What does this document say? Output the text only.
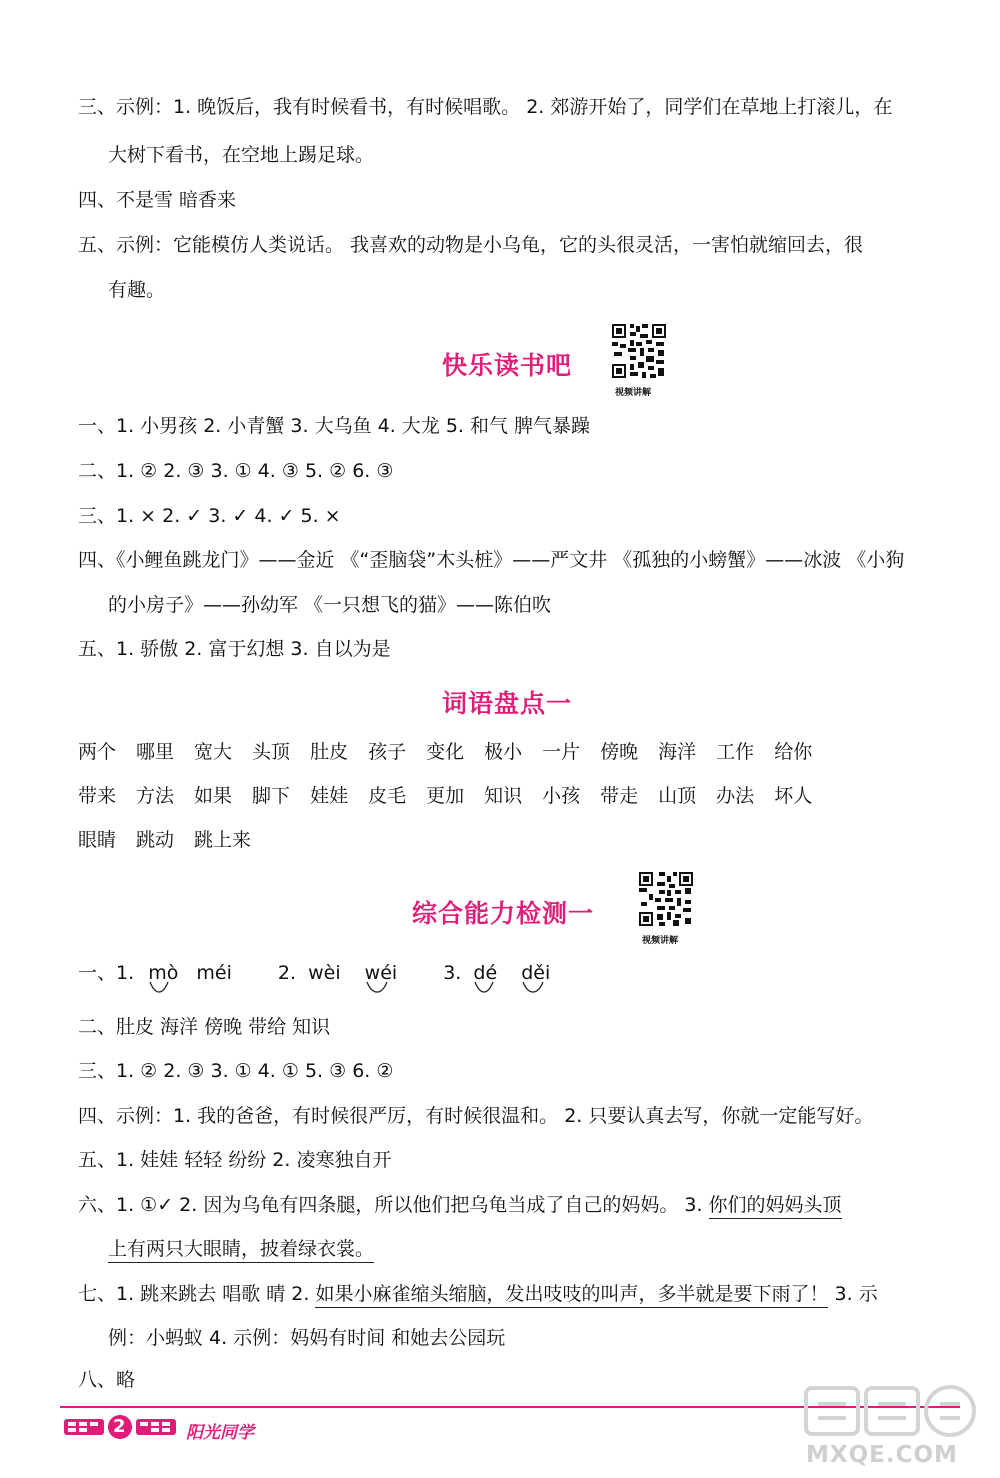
三、示例：1. 晚饭后，我有时候看书，有时候唱歌。 2. 郊游开始了，同学们在草地上打滚儿，在
大树下看书，在空地上踢足球。
四、不是雪 暗香来
五、示例：它能模仿人类说话。 我喜欢的动物是小乌龟，它的头很灵活，一害怕就缩回去，很
有趣。
快乐读书吧
视频讲解
一、1. 小男孩 2. 小青蟹 3. 大乌鱼 4. 大龙 5. 和气 脾气暴躁
二、1. ② 2. ③ 3. ① 4. ③ 5. ② 6. ③
三、1. × 2. ✓ 3. ✓ 4. ✓ 5. ×
四、《小鲤鱼跳龙门》——金近 《“歪脑袋”木头桩》——严文井 《孤独的小螃蟹》——冰波 《小狗
的小房子》——孙幼军 《一只想飞的猫》——陈伯吹
五、1. 骄傲 2. 富于幻想 3. 自以为是
词语盘点一
两个 哪里 宽大 头顶 肚皮 孩子 变化 极小 一片 傍晚 海洋 工作 给你
带来 方法 如果 脚下 娃娃 皮毛 更加 知识 小孩 带走 山顶 办法 坏人
眼睛 跳动 跳上来
综合能力检测一
视频讲解
一、1. mò méi 2. wèi wéi 3. dé děi
二、肚皮 海洋 傍晚 带给 知识
三、1. ② 2. ③ 3. ① 4. ① 5. ③ 6. ②
四、示例：1. 我的爸爸，有时候很严厉，有时候很温和。 2. 只要认真去写，你就一定能写好。
五、1. 娃娃 轻轻 纷纷 2. 凌寒独自开
六、1. ①✓ 2. 因为乌龟有四条腿，所以他们把乌龟当成了自己的妈妈。 3. 你们的妈妈头顶
上有两只大眼睛，披着绿衣裳。
七、1. 跳来跳去 唱歌 晴 2. 如果小麻雀缩头缩脑，发出吱吱的叫声，多半就是要下雨了！ 3. 示
例：小蚂蚁 4. 示例：妈妈有时间 和她去公园玩
八、略
2	阳光同学
MXQE.COM
